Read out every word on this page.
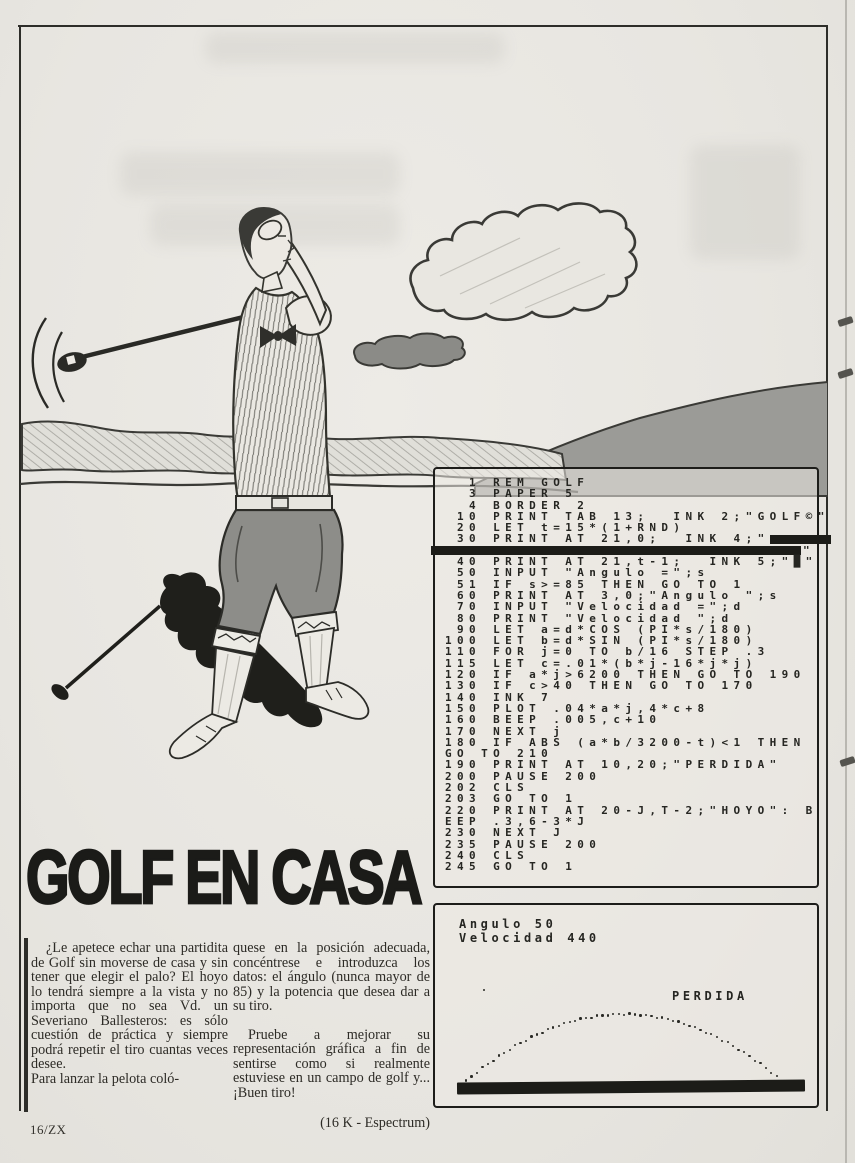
GOLF EN CASA
1 REM GOLF
3 PAPER 5
4 BORDER 2
10 PRINT TAB 13;  INK 2;"GOLF©"
20 LET t=15*(1+RND)
30 PRINT AT 21,0;  INK 4;"
"
40 PRINT AT 21,t-1;  INK 5;"█"
50 INPUT "Angulo =";s
51 IF s>=85 THEN GO TO 1
60 PRINT AT 3,0;"Angulo ";s
70 INPUT "Velocidad =";d
80 PRINT "Velocidad ";d
90 LET a=d*COS (PI*s/180)
100 LET b=d*SIN (PI*s/180)
110 FOR j=0 TO b/16 STEP .3
115 LET c=.01*(b*j-16*j*j)
120 IF a*j>6200 THEN GO TO 190
130 IF c>40 THEN GO TO 170
140 INK 7
150 PLOT .04*a*j,4*c+8
160 BEEP .005,c+10
170 NEXT j
180 IF ABS (a*b/3200-t)<1 THEN
GO TO 210
190 PRINT AT 10,20;"PERDIDA"
200 PAUSE 200
202 CLS
203 GO TO 1
220 PRINT AT 20-J,T-2;"HOYO": B
EEP .3,6-3*J
230 NEXT J
235 PAUSE 200
240 CLS
245 GO TO 1
Angulo 50
Velocidad 440
PERDIDA

¿Le apetece echar una partidita de Golf sin moverse de casa y sin tener que elegir el palo? El hoyo lo tendrá siempre a la vista y no importa que no sea Vd. un Severiano Ballesteros: es sólo cuestión de práctica y siempre podrá repetir el tiro cuantas veces desee.

Para lanzar la pelota coló-

quese en la posición adecuada, concéntrese e introduzca los datos: el ángulo (nunca mayor de 85) y la potencia que desea dar a su tiro.

Pruebe a mejorar su representación gráfica a fin de sentirse como si realmente estuviese en un campo de golf y... ¡Buen tiro!

(16 K - Espectrum)
16/ZX
